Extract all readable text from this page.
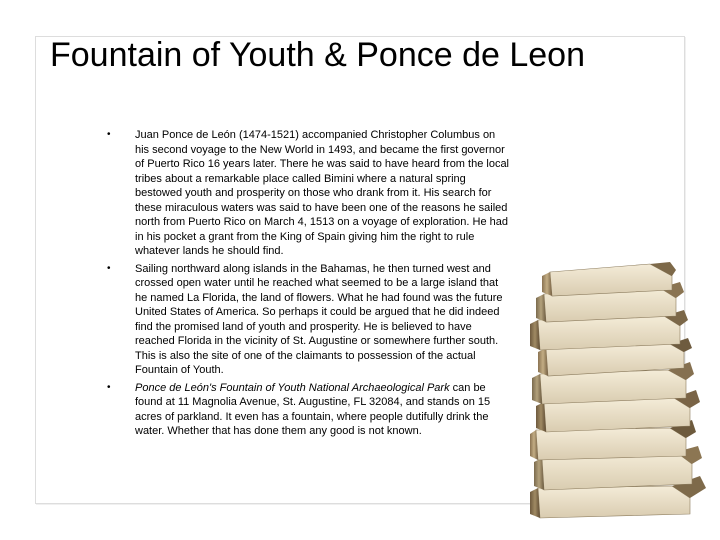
Fountain of Youth & Ponce de Leon
•	Juan Ponce de León (1474-1521) accompanied Christopher Columbus on his second voyage to the New World in 1493, and became the first governor of Puerto Rico 16 years later. There he was said to have heard from the local tribes about a remarkable place called Bimini where a natural spring bestowed youth and prosperity on those who drank from it. His search for these miraculous waters was said to have been one of the reasons he sailed north from Puerto Rico on March 4, 1513 on a voyage of exploration. He had in his pocket a grant from the King of Spain giving him the right to rule whatever lands he should find.
•	Sailing northward along islands in the Bahamas, he then turned west and crossed open water until he reached what seemed to be a large island that he named La Florida, the land of flowers. What he had found was the future United States of America. So perhaps it could be argued that he did indeed find the promised land of youth and prosperity. He is believed to have reached Florida in the vicinity of St. Augustine or somewhere further south. This is also the site of one of the claimants to possession of the actual Fountain of Youth.
•	Ponce de León's Fountain of Youth National Archaeological Park can be found at 11 Magnolia Avenue, St. Augustine, FL 32084, and stands on 15 acres of parkland. It even has a fountain, where people dutifully drink the water. Whether that has done them any good is not known.
